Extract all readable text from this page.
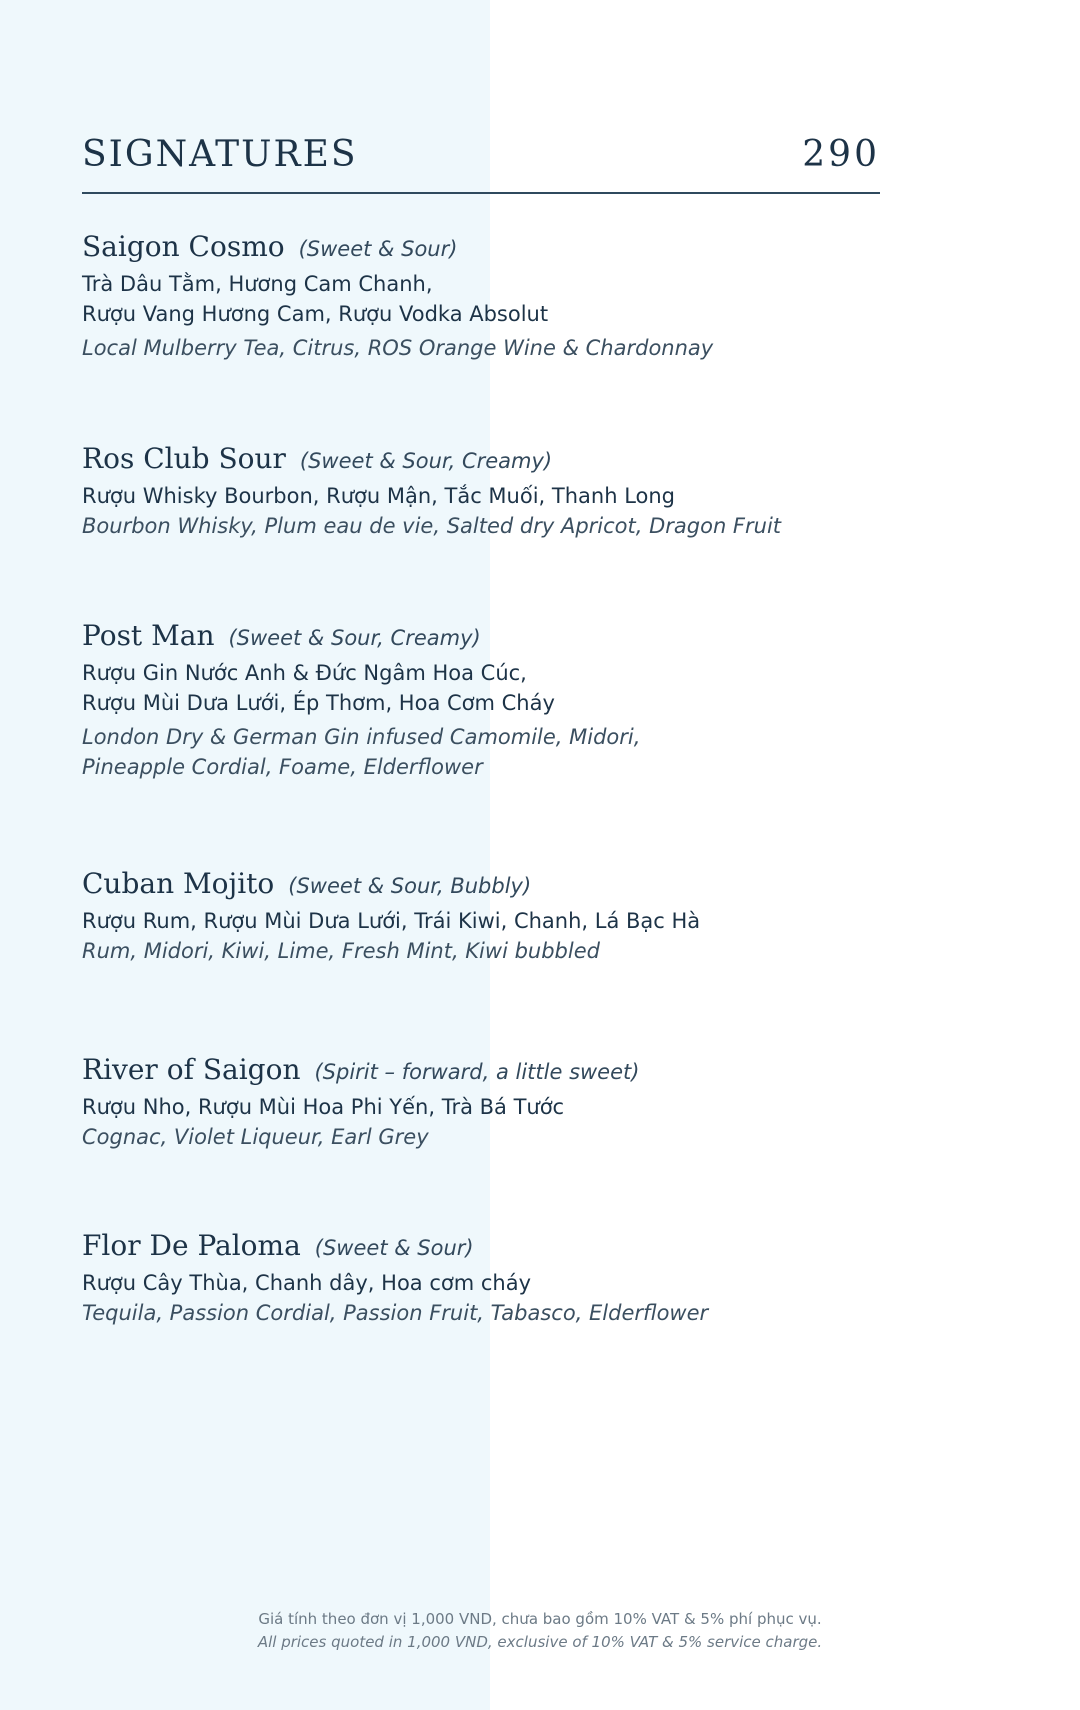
SIGNATURES	290
Saigon Cosmo (Sweet & Sour)
Trà Dâu Tằm, Hương Cam Chanh,
Rượu Vang Hương Cam, Rượu Vodka Absolut
Local Mulberry Tea, Citrus, ROS Orange Wine & Chardonnay
Ros Club Sour (Sweet & Sour, Creamy)
Rượu Whisky Bourbon, Rượu Mận, Tắc Muối, Thanh Long
Bourbon Whisky, Plum eau de vie, Salted dry Apricot, Dragon Fruit
Post Man (Sweet & Sour, Creamy)
Rượu Gin Nước Anh & Đức Ngâm Hoa Cúc,
Rượu Mùi Dưa Lưới, Ép Thơm, Hoa Cơm Cháy
London Dry & German Gin infused Camomile, Midori,
Pineapple Cordial, Foame, Elderflower
Cuban Mojito (Sweet & Sour, Bubbly)
Rượu Rum, Rượu Mùi Dưa Lưới, Trái Kiwi, Chanh, Lá Bạc Hà
Rum, Midori, Kiwi, Lime, Fresh Mint, Kiwi bubbled
River of Saigon (Spirit – forward, a little sweet)
Rượu Nho, Rượu Mùi Hoa Phi Yến, Trà Bá Tước
Cognac, Violet Liqueur, Earl Grey
Flor De Paloma (Sweet & Sour)
Rượu Cây Thùa, Chanh dây, Hoa cơm cháy
Tequila, Passion Cordial, Passion Fruit, Tabasco, Elderflower
Giá tính theo đơn vị 1,000 VND, chưa bao gồm 10% VAT & 5% phí phục vụ.
All prices quoted in 1,000 VND, exclusive of 10% VAT & 5% service charge.
